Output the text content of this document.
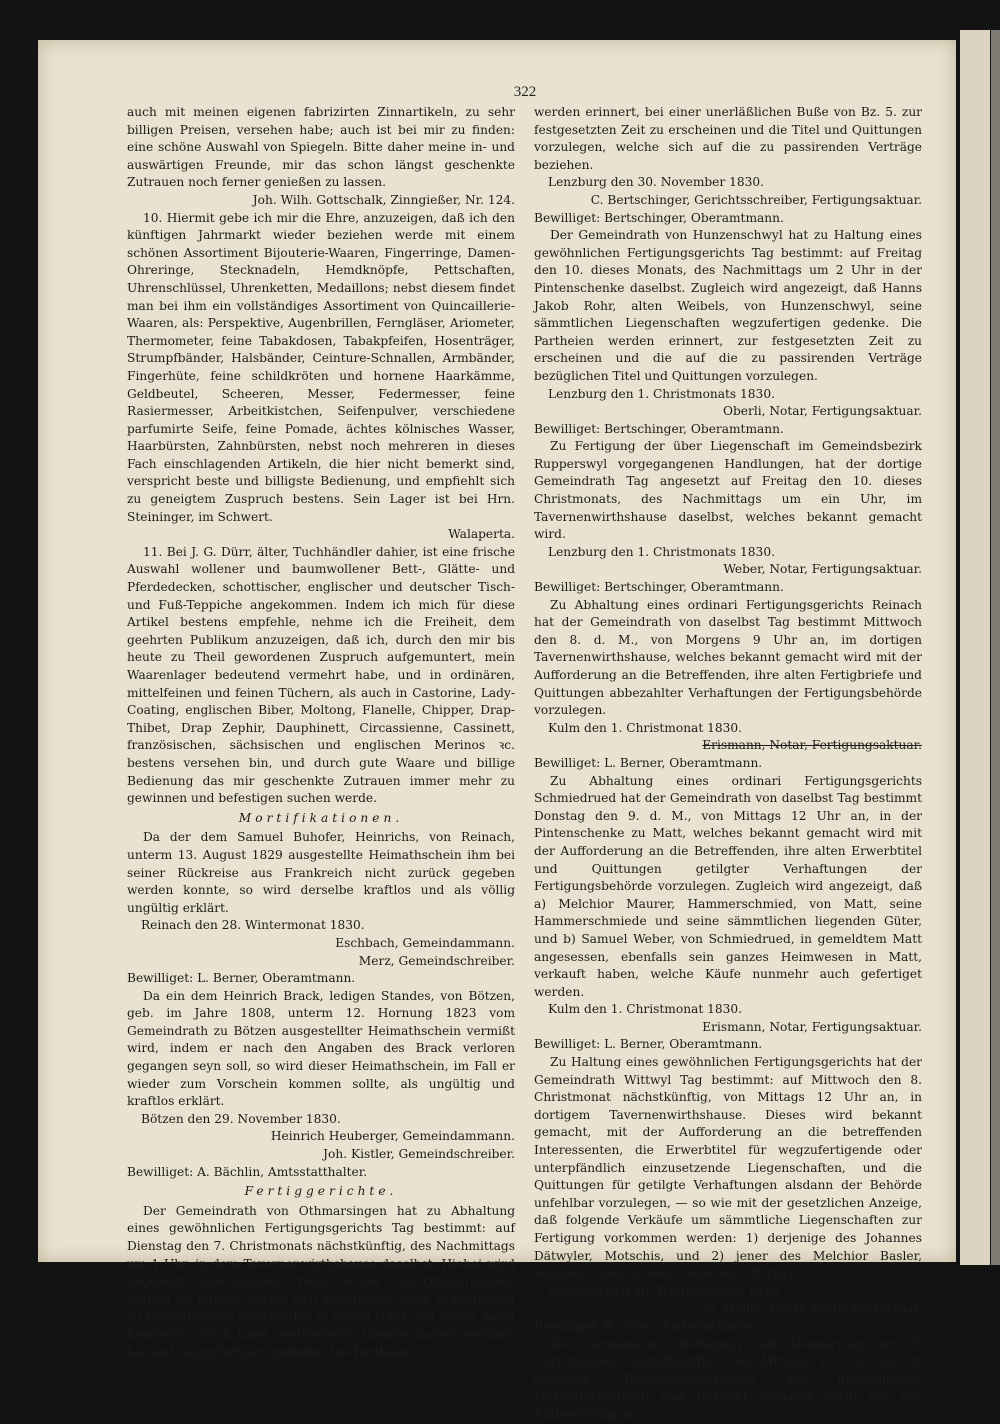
322
auch mit meinen eigenen fabrizirten Zinnartikeln, zu sehr billigen Preisen, versehen habe; auch ist bei mir zu finden: eine schöne Auswahl von Spiegeln. Bitte daher meine in- und auswärtigen Freunde, mir das schon längst geschenkte Zutrauen noch ferner genießen zu lassen.
Joh. Wilh. Gottschalk, Zinngießer, Nr. 124.
10. Hiermit gebe ich mir die Ehre, anzuzeigen, daß ich den künftigen Jahrmarkt wieder beziehen werde mit einem schönen Assortiment Bijouterie-Waaren, Fingerringe, Damen-Ohreringe, Stecknadeln, Hemdknöpfe, Pettschaften, Uhrenschlüssel, Uhrenketten, Medaillons; nebst diesem findet man bei ihm ein vollständiges Assortiment von Quincaillerie-Waaren, als: Perspektive, Augenbrillen, Ferngläser, Ariometer, Thermometer, feine Tabakdosen, Tabakpfeifen, Hosenträger, Strumpfbänder, Halsbänder, Ceinture-Schnallen, Armbänder, Fingerhüte, feine schildkröten und hornene Haarkämme, Geldbeutel, Scheeren, Messer, Federmesser, feine Rasiermesser, Arbeitkistchen, Seifenpulver, verschiedene parfumirte Seife, feine Pomade, ächtes kölnisches Wasser, Haarbürsten, Zahnbürsten, nebst noch mehreren in dieses Fach einschlagenden Artikeln, die hier nicht bemerkt sind, verspricht beste und billigste Bedienung, und empfiehlt sich zu geneigtem Zuspruch bestens. Sein Lager ist bei Hrn. Steininger, im Schwert.
Walaperta.
11. Bei J. G. Dürr, älter, Tuchhändler dahier, ist eine frische Auswahl wollener und baumwollener Bett-, Glätte- und Pferdedecken, schottischer, englischer und deutscher Tisch- und Fuß-Teppiche angekommen. Indem ich mich für diese Artikel bestens empfehle, nehme ich die Freiheit, dem geehrten Publikum anzuzeigen, daß ich, durch den mir bis heute zu Theil gewordenen Zuspruch aufgemuntert, mein Waarenlager bedeutend vermehrt habe, und in ordinären, mittelfeinen und feinen Tüchern, als auch in Castorine, Lady-Coating, englischen Biber, Moltong, Flanelle, Chipper, Drap-Thibet, Drap Zephir, Dauphinett, Circassienne, Cassinett, französischen, sächsischen und englischen Merinos ꝛc. bestens versehen bin, und durch gute Waare und billige Bedienung das mir geschenkte Zutrauen immer mehr zu gewinnen und befestigen suchen werde.
Mortifikationen.
Da der dem Samuel Buhofer, Heinrichs, von Reinach, unterm 13. August 1829 ausgestellte Heimathschein ihm bei seiner Rückreise aus Frankreich nicht zurück gegeben werden konnte, so wird derselbe kraftlos und als völlig ungültig erklärt.
Reinach den 28. Wintermonat 1830.
Eschbach, Gemeindammann.
Merz, Gemeindschreiber.
Bewilliget: L. Berner, Oberamtmann.
Da ein dem Heinrich Brack, ledigen Standes, von Bötzen, geb. im Jahre 1808, unterm 12. Hornung 1823 vom Gemeindrath zu Bötzen ausgestellter Heimathschein vermißt wird, indem er nach den Angaben des Brack verloren gegangen seyn soll, so wird dieser Heimathschein, im Fall er wieder zum Vorschein kommen sollte, als ungültig und kraftlos erklärt.
Bötzen den 29. November 1830.
Heinrich Heuberger, Gemeindammann.
Joh. Kistler, Gemeindschreiber.
Bewilliget: A. Bächlin, Amtsstatthalter.
Fertiggerichte.
Der Gemeindrath von Othmarsingen hat zu Abhaltung eines gewöhnlichen Fertigungsgerichts Tag bestimmt: auf Dienstag den 7. Christmonats nächstkünftig, des Nachmittags um 1 Uhr, in dem Tavernenwirthshause daselbst. Hiebei wird angezeigt: daß Samuel Urech, Färber, von Othmarsingen, dermal im Kanton Zürich sich aufhaltend, seine sämmtlichen zu Othmarsingen besitzenden in einem Haus und einem dabei liegenden Stück Land bestehenden Liegenschaften verkauft hat und wegzufertigen gedenkt. Die Partheien
werden erinnert, bei einer unerläßlichen Buße von Bz. 5. zur festgesetzten Zeit zu erscheinen und die Titel und Quittungen vorzulegen, welche sich auf die zu passirenden Verträge beziehen.
Lenzburg den 30. November 1830.
C. Bertschinger, Gerichtsschreiber, Fertigungsaktuar.
Bewilliget: Bertschinger, Oberamtmann.
Der Gemeindrath von Hunzenschwyl hat zu Haltung eines gewöhnlichen Fertigungsgerichts Tag bestimmt: auf Freitag den 10. dieses Monats, des Nachmittags um 2 Uhr in der Pintenschenke daselbst. Zugleich wird angezeigt, daß Hanns Jakob Rohr, alten Weibels, von Hunzenschwyl, seine sämmtlichen Liegenschaften wegzufertigen gedenke. Die Partheien werden erinnert, zur festgesetzten Zeit zu erscheinen und die auf die zu passirenden Verträge bezüglichen Titel und Quittungen vorzulegen.
Lenzburg den 1. Christmonats 1830.
Oberli, Notar, Fertigungsaktuar.
Bewilliget: Bertschinger, Oberamtmann.
Zu Fertigung der über Liegenschaft im Gemeindsbezirk Rupperswyl vorgegangenen Handlungen, hat der dortige Gemeindrath Tag angesetzt auf Freitag den 10. dieses Christmonats, des Nachmittags um ein Uhr, im Tavernenwirthshause daselbst, welches bekannt gemacht wird.
Lenzburg den 1. Christmonats 1830.
Weber, Notar, Fertigungsaktuar.
Bewilliget: Bertschinger, Oberamtmann.
Zu Abhaltung eines ordinari Fertigungsgerichts Reinach hat der Gemeindrath von daselbst Tag bestimmt Mittwoch den 8. d. M., von Morgens 9 Uhr an, im dortigen Tavernenwirthshause, welches bekannt gemacht wird mit der Aufforderung an die Betreffenden, ihre alten Fertigbriefe und Quittungen abbezahlter Verhaftungen der Fertigungsbehörde vorzulegen.
Kulm den 1. Christmonat 1830.
Erismann, Notar, Fertigungsaktuar.
Bewilliget: L. Berner, Oberamtmann.
Zu Abhaltung eines ordinari Fertigungsgerichts Schmiedrued hat der Gemeindrath von daselbst Tag bestimmt Donstag den 9. d. M., von Mittags 12 Uhr an, in der Pintenschenke zu Matt, welches bekannt gemacht wird mit der Aufforderung an die Betreffenden, ihre alten Erwerbtitel und Quittungen getilgter Verhaftungen der Fertigungsbehörde vorzulegen. Zugleich wird angezeigt, daß a) Melchior Maurer, Hammerschmied, von Matt, seine Hammerschmiede und seine sämmtlichen liegenden Güter, und b) Samuel Weber, von Schmiedrued, in gemeldtem Matt angesessen, ebenfalls sein ganzes Heimwesen in Matt, verkauft haben, welche Käufe nunmehr auch gefertiget werden.
Kulm den 1. Christmonat 1830.
Erismann, Notar, Fertigungsaktuar.
Bewilliget: L. Berner, Oberamtmann.
Zu Haltung eines gewöhnlichen Fertigungsgerichts hat der Gemeindrath Wittwyl Tag bestimmt: auf Mittwoch den 8. Christmonat nächstkünftig, von Mittags 12 Uhr an, in dortigem Tavernenwirthshause. Dieses wird bekannt gemacht, mit der Aufforderung an die betreffenden Interessenten, die Erwerbtitel für wegzufertigende oder unterpfändlich einzusetzende Liegenschaften, und die Quittungen für getilgte Verhaftungen alsdann der Behörde unfehlbar vorzulegen, — so wie mit der gesetzlichen Anzeige, daß folgende Verkäufe um sämmtliche Liegenschaften zur Fertigung vorkommen werden: 1) derjenige des Johannes Dätwyler, Motschis, und 2) jener des Melchior Basler, Sommers oder Großen, beide von Wittwyl.
Zofingen den 30. Wintermonats 1830.
Sl. Müller, Notar, Fertigungsaktuar.
Bewilliget: R. Suter, Amtsstatthalter.
Der Gemeindrath Bottenwyl hält Donnerstag den 9. Christmonats nächstkünftig, von Mittags 12 Uhr an, in dortigem Tavernenwirthshause ein gewöhnliches Fertigungsgericht, was bekannt gemacht wird, mit der Aufforderung an
